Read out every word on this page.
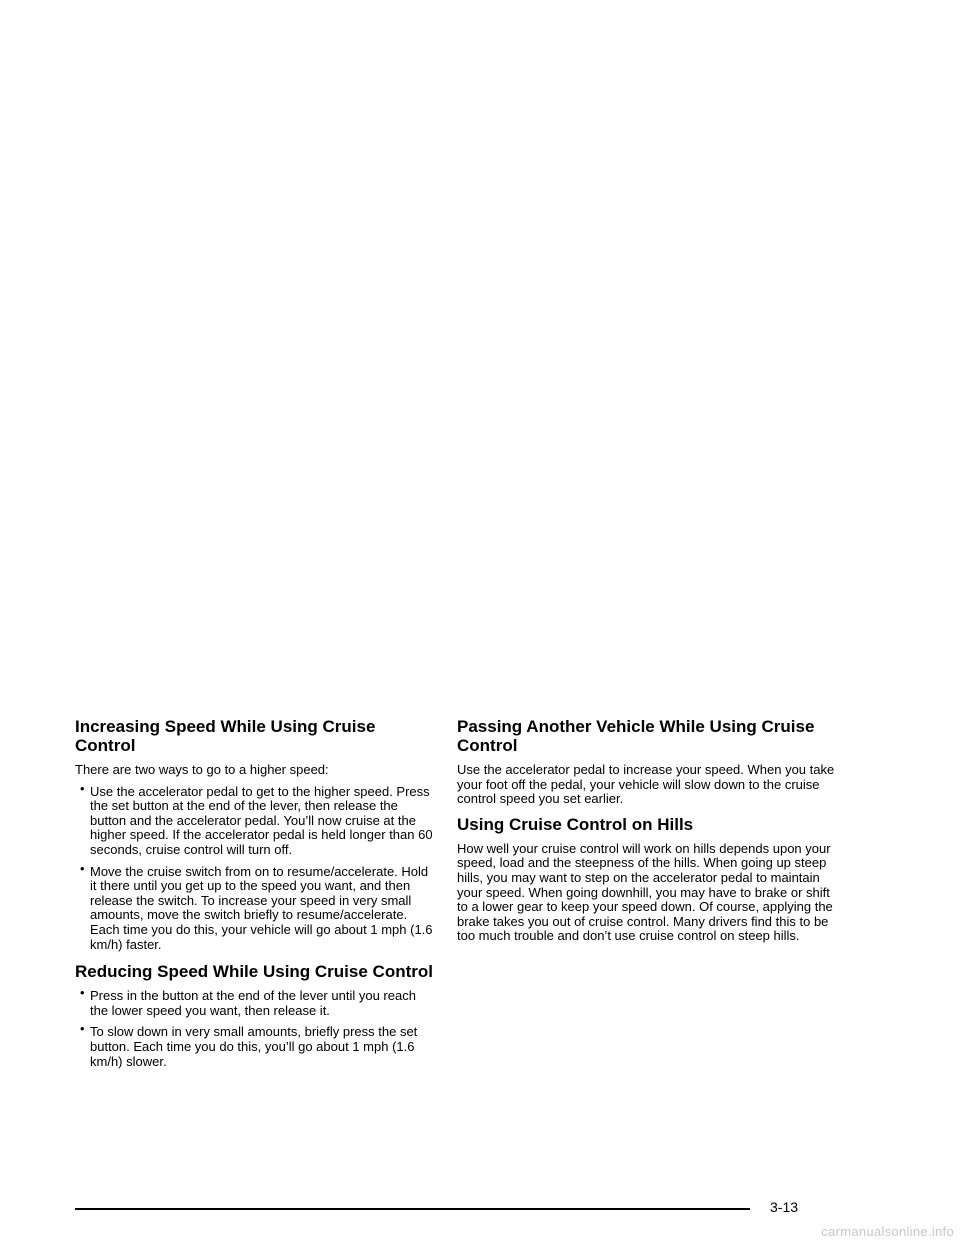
Increasing Speed While Using Cruise Control

There are two ways to go to a higher speed:

• Use the accelerator pedal to get to the higher speed. Press the set button at the end of the lever, then release the button and the accelerator pedal. You’ll now cruise at the higher speed. If the accelerator pedal is held longer than 60 seconds, cruise control will turn off.
• Move the cruise switch from on to resume/accelerate. Hold it there until you get up to the speed you want, and then release the switch. To increase your speed in very small amounts, move the switch briefly to resume/accelerate. Each time you do this, your vehicle will go about 1 mph (1.6 km/h) faster.
Reducing Speed While Using Cruise Control
• Press in the button at the end of the lever until you reach the lower speed you want, then release it.
• To slow down in very small amounts, briefly press the set button. Each time you do this, you’ll go about 1 mph (1.6 km/h) slower.
Passing Another Vehicle While Using Cruise Control

Use the accelerator pedal to increase your speed. When you take your foot off the pedal, your vehicle will slow down to the cruise control speed you set earlier.

Using Cruise Control on Hills

How well your cruise control will work on hills depends upon your speed, load and the steepness of the hills. When going up steep hills, you may want to step on the accelerator pedal to maintain your speed. When going downhill, you may have to brake or shift to a lower gear to keep your speed down. Of course, applying the brake takes you out of cruise control. Many drivers find this to be too much trouble and don’t use cruise control on steep hills.

3-13
carmanualsonline.info
